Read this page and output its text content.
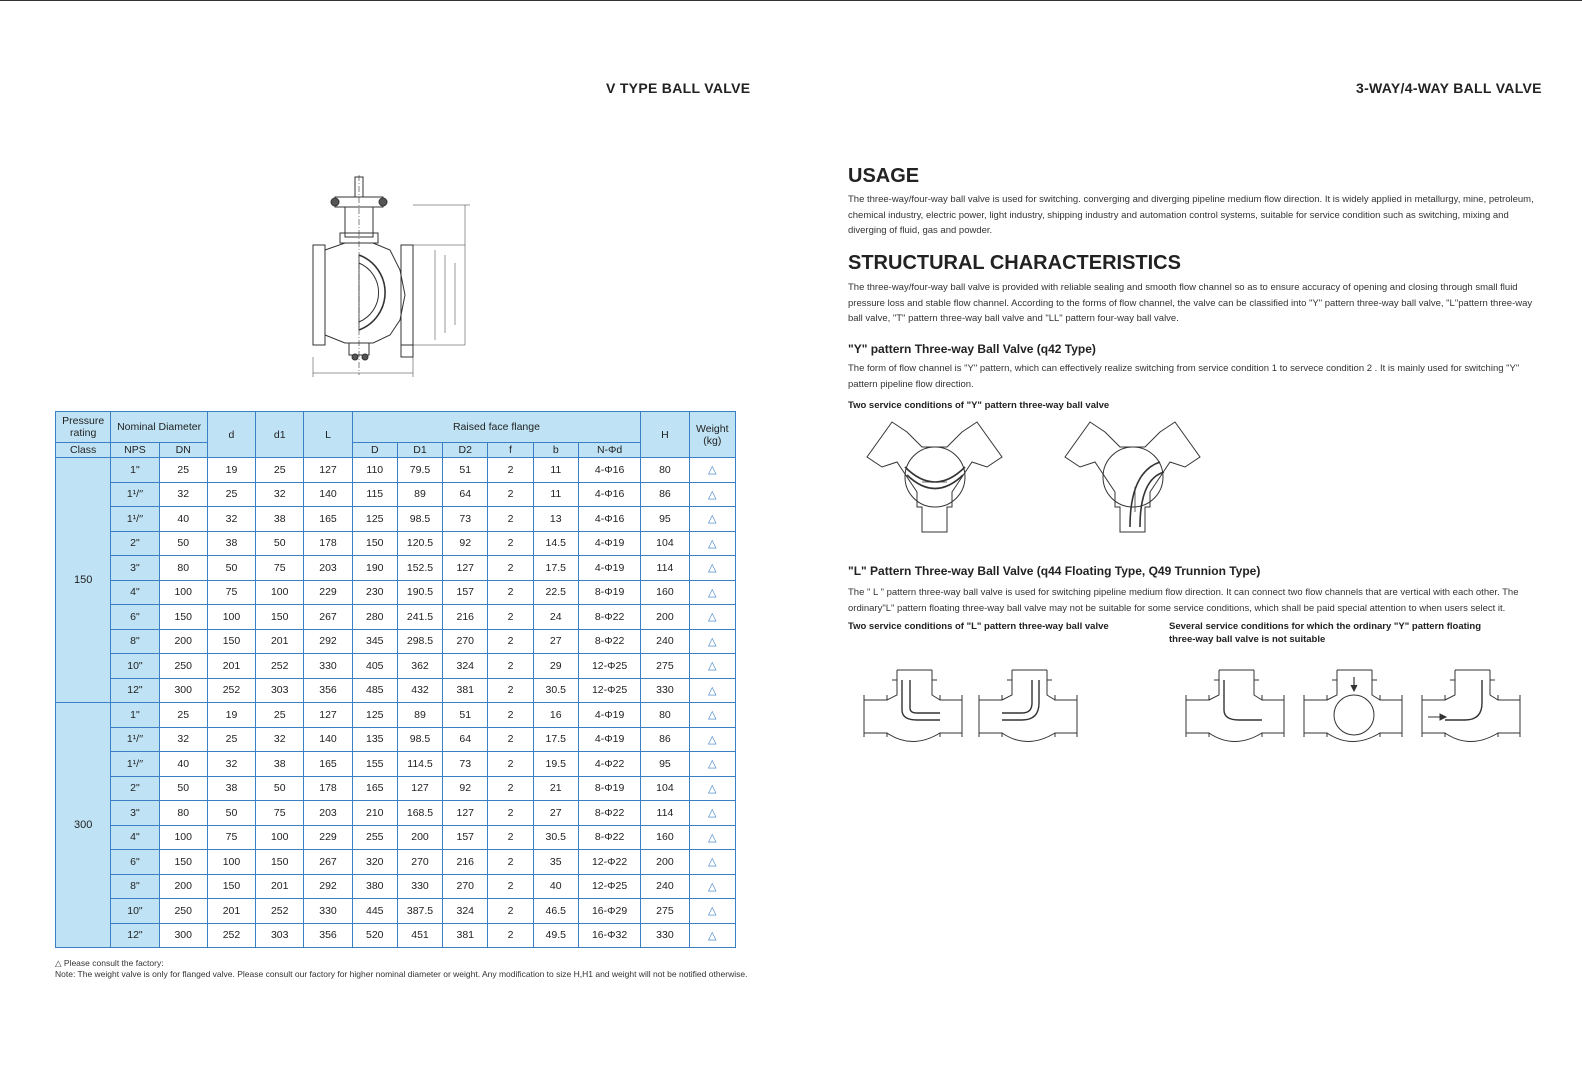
V TYPE BALL VALVE	3-WAY/4-WAY BALL VALVE
Pressure rating	Nominal Diameter		d	d1	L	Raised face flange						H	Weight (kg)
Class	NPS	DN				D	D1	D2	f	b	N-Φd		
150	1"	25	19	25	127	110	79.5	51	2	11	4-Φ16	80	△
	1¹/′′	32	25	32	140	115	89	64	2	11	4-Φ16	86	△
	1¹/′′	40	32	38	165	125	98.5	73	2	13	4-Φ16	95	△
	2"	50	38	50	178	150	120.5	92	2	14.5	4-Φ19	104	△
	3"	80	50	75	203	190	152.5	127	2	17.5	4-Φ19	114	△
	4"	100	75	100	229	230	190.5	157	2	22.5	8-Φ19	160	△
	6"	150	100	150	267	280	241.5	216	2	24	8-Φ22	200	△
	8"	200	150	201	292	345	298.5	270	2	27	8-Φ22	240	△
	10"	250	201	252	330	405	362	324	2	29	12-Φ25	275	△
	12"	300	252	303	356	485	432	381	2	30.5	12-Φ25	330	△
300	1"	25	19	25	127	125	89	51	2	16	4-Φ19	80	△
	1¹/′′	32	25	32	140	135	98.5	64	2	17.5	4-Φ19	86	△
	1¹/′′	40	32	38	165	155	114.5	73	2	19.5	4-Φ22	95	△
	2"	50	38	50	178	165	127	92	2	21	8-Φ19	104	△
	3"	80	50	75	203	210	168.5	127	2	27	8-Φ22	114	△
	4"	100	75	100	229	255	200	157	2	30.5	8-Φ22	160	△
	6"	150	100	150	267	320	270	216	2	35	12-Φ22	200	△
	8"	200	150	201	292	380	330	270	2	40	12-Φ25	240	△
	10"	250	201	252	330	445	387.5	324	2	46.5	16-Φ29	275	△
	12"	300	252	303	356	520	451	381	2	49.5	16-Φ32	330	△
△ Please consult the factory:
Note: The weight valve is only for flanged valve. Please consult our factory for higher nominal diameter or weight. Any modification to size H,H1 and weight will not be notified otherwise.
USAGE
The three-way/four-way ball valve is used for switching. converging and diverging pipeline medium flow direction. It is widely applied in metallurgy, mine, petroleum, chemical industry, electric power, light industry, shipping industry and automation control systems, suitable for service condition such as switching, mixing and diverging of fluid, gas and powder.
STRUCTURAL CHARACTERISTICS
The three-way/four-way ball valve is provided with reliable sealing and smooth flow channel so as to ensure accuracy of opening and closing through small fluid pressure loss and stable flow channel. According to the forms of flow channel, the valve can be classified into "Y" pattern three-way ball valve, "L"pattern three-way ball valve, "T" pattern three-way ball valve and "LL" pattern four-way ball valve.
"Y" pattern Three-way Ball Valve (q42 Type)
The form of flow channel is "Y" pattern, which can effectively realize switching from service condition 1 to servece condition 2 . It is mainly used for switching "Y" pattern pipeline flow direction.
Two service conditions of "Y" pattern three-way ball valve
"L" Pattern Three-way Ball Valve (q44 Floating Type, Q49 Trunnion Type)
The " L " pattern three-way ball valve is used for switching pipeline medium flow direction. It can connect two flow channels that are vertical with each other. The ordinary"L" pattern floating three-way ball valve may not be suitable for some service conditions, which shall be paid special attention to when users select it.
Two service conditions of "L" pattern three-way ball valve	Several service conditions for which the ordinary "Y" pattern floating three-way ball valve is not suitable
